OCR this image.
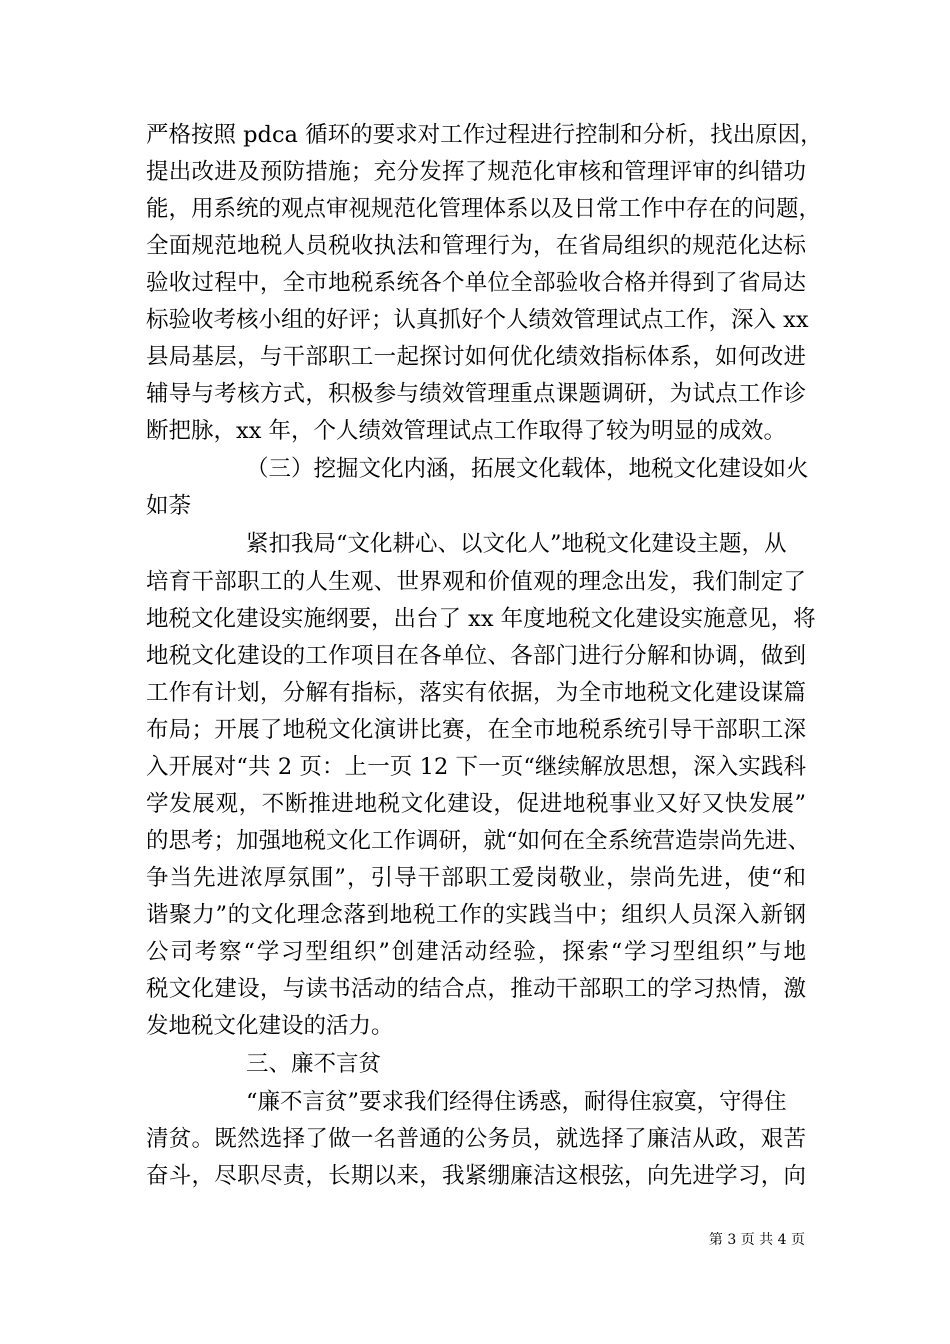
严格按照 pdca 循环的要求对工作过程进行控制和分析，找出原因，
提出改进及预防措施；充分发挥了规范化审核和管理评审的纠错功
能，用系统的观点审视规范化管理体系以及日常工作中存在的问题，
全面规范地税人员税收执法和管理行为，在省局组织的规范化达标
验收过程中，全市地税系统各个单位全部验收合格并得到了省局达
标验收考核小组的好评；认真抓好个人绩效管理试点工作，深入 xx
县局基层，与干部职工一起探讨如何优化绩效指标体系，如何改进
辅导与考核方式，积极参与绩效管理重点课题调研，为试点工作诊
断把脉，xx 年，个人绩效管理试点工作取得了较为明显的成效。
（三）挖掘文化内涵，拓展文化载体，地税文化建设如火
如荼
紧扣我局“文化耕心、以文化人”地税文化建设主题，从
培育干部职工的人生观、世界观和价值观的理念出发，我们制定了
地税文化建设实施纲要，出台了 xx 年度地税文化建设实施意见，将
地税文化建设的工作项目在各单位、各部门进行分解和协调，做到
工作有计划，分解有指标，落实有依据，为全市地税文化建设谋篇
布局；开展了地税文化演讲比赛，在全市地税系统引导干部职工深
入开展对“共 2 页：上一页 12 下一页“继续解放思想，深入实践科
学发展观，不断推进地税文化建设，促进地税事业又好又快发展”
的思考；加强地税文化工作调研，就“如何在全系统营造崇尚先进、
争当先进浓厚氛围”，引导干部职工爱岗敬业，崇尚先进，使“和
谐聚力”的文化理念落到地税工作的实践当中；组织人员深入新钢
公司考察“学习型组织”创建活动经验，探索“学习型组织”与地
税文化建设，与读书活动的结合点，推动干部职工的学习热情，激
发地税文化建设的活力。
三、廉不言贫
“廉不言贫”要求我们经得住诱惑，耐得住寂寞，守得住
清贫。既然选择了做一名普通的公务员，就选择了廉洁从政，艰苦
奋斗，尽职尽责，长期以来，我紧绷廉洁这根弦，向先进学习，向
第 3 页 共 4 页
